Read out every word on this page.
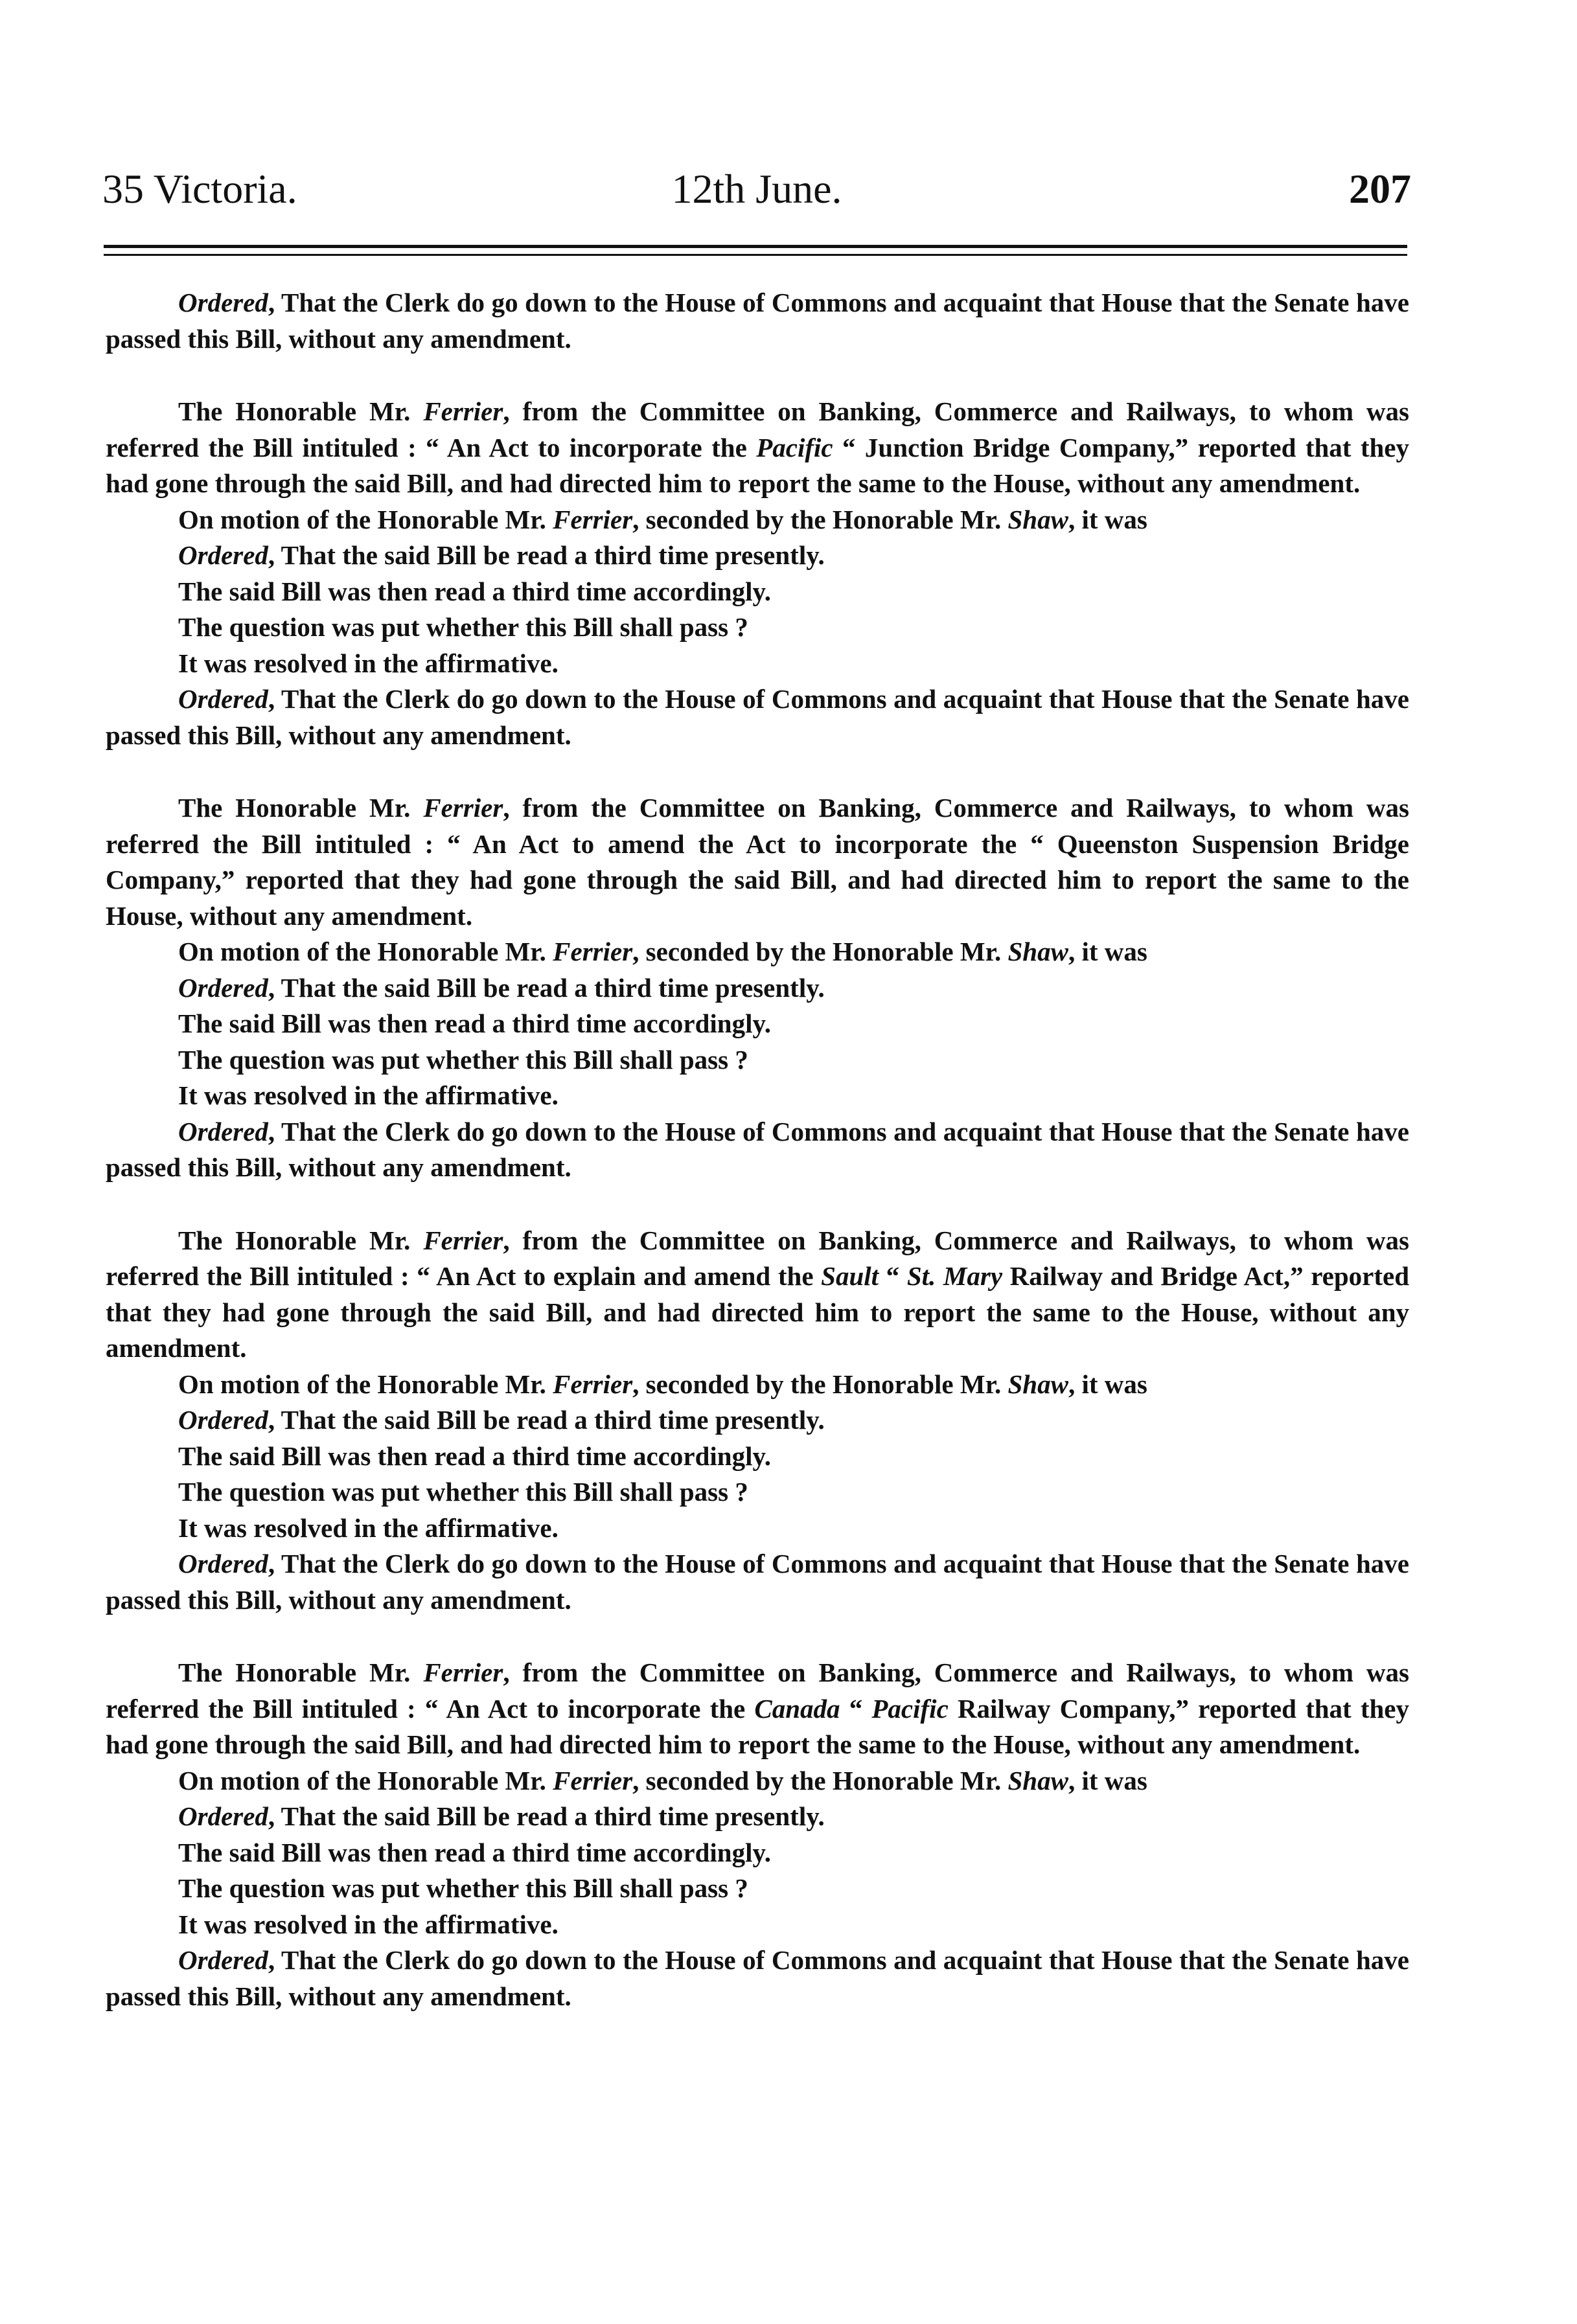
35 Victoria.	12th June.	207

Ordered, That the Clerk do go down to the House of Commons and acquaint that House that the Senate have passed this Bill, without any amendment.

The Honorable Mr. Ferrier, from the Committee on Banking, Commerce and Railways, to whom was referred the Bill intituled : “ An Act to incorporate the Pacific “ Junction Bridge Company,” reported that they had gone through the said Bill, and had directed him to report the same to the House, without any amendment.

On motion of the Honorable Mr. Ferrier, seconded by the Honorable Mr. Shaw, it was

Ordered, That the said Bill be read a third time presently.

The said Bill was then read a third time accordingly.

The question was put whether this Bill shall pass ?

It was resolved in the affirmative.

Ordered, That the Clerk do go down to the House of Commons and acquaint that House that the Senate have passed this Bill, without any amendment.

The Honorable Mr. Ferrier, from the Committee on Banking, Commerce and Railways, to whom was referred the Bill intituled : “ An Act to amend the Act to incorporate the “ Queenston Suspension Bridge Company,” reported that they had gone through the said Bill, and had directed him to report the same to the House, without any amendment.

On motion of the Honorable Mr. Ferrier, seconded by the Honorable Mr. Shaw, it was

Ordered, That the said Bill be read a third time presently.

The said Bill was then read a third time accordingly.

The question was put whether this Bill shall pass ?

It was resolved in the affirmative.

Ordered, That the Clerk do go down to the House of Commons and acquaint that House that the Senate have passed this Bill, without any amendment.

The Honorable Mr. Ferrier, from the Committee on Banking, Commerce and Railways, to whom was referred the Bill intituled : “ An Act to explain and amend the Sault “ St. Mary Railway and Bridge Act,” reported that they had gone through the said Bill, and had directed him to report the same to the House, without any amendment.

On motion of the Honorable Mr. Ferrier, seconded by the Honorable Mr. Shaw, it was

Ordered, That the said Bill be read a third time presently.

The said Bill was then read a third time accordingly.

The question was put whether this Bill shall pass ?

It was resolved in the affirmative.

Ordered, That the Clerk do go down to the House of Commons and acquaint that House that the Senate have passed this Bill, without any amendment.

The Honorable Mr. Ferrier, from the Committee on Banking, Commerce and Railways, to whom was referred the Bill intituled : “ An Act to incorporate the Canada “ Pacific Railway Company,” reported that they had gone through the said Bill, and had directed him to report the same to the House, without any amendment.

On motion of the Honorable Mr. Ferrier, seconded by the Honorable Mr. Shaw, it was

Ordered, That the said Bill be read a third time presently.

The said Bill was then read a third time accordingly.

The question was put whether this Bill shall pass ?

It was resolved in the affirmative.

Ordered, That the Clerk do go down to the House of Commons and acquaint that House that the Senate have passed this Bill, without any amendment.
